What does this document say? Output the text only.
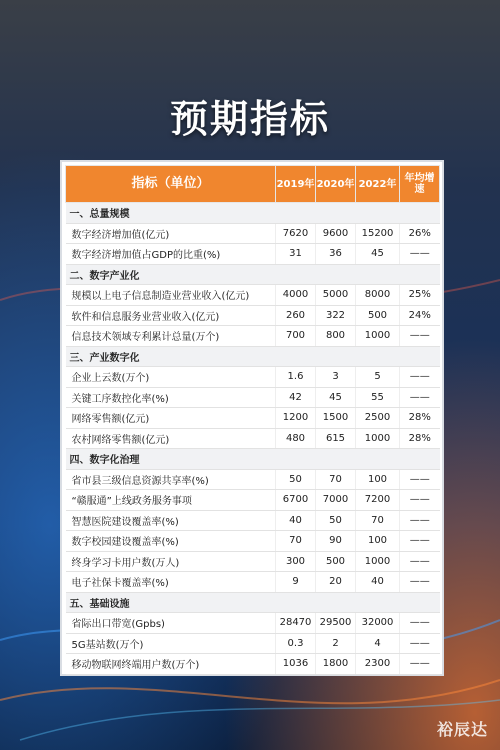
预期指标
指标（单位）	2019年	2020年	2022年	年均增速
一、总量规模				
数字经济增加值(亿元)	7620	9600	15200	26%
数字经济增加值占GDP的比重(%)	31	36	45	——
二、数字产业化				
规模以上电子信息制造业营业收入(亿元)	4000	5000	8000	25%
软件和信息服务业营业收入(亿元)	260	322	500	24%
信息技术领域专利累计总量(万个)	700	800	1000	——
三、产业数字化				
企业上云数(万个)	1.6	3	5	——
关键工序数控化率(%)	42	45	55	——
网络零售额(亿元)	1200	1500	2500	28%
农村网络零售额(亿元)	480	615	1000	28%
四、数字化治理				
省市县三级信息资源共享率(%)	50	70	100	——
“赣服通”上线政务服务事项	6700	7000	7200	——
智慧医院建设覆盖率(%)	40	50	70	——
数字校园建设覆盖率(%)	70	90	100	——
终身学习卡用户数(万人)	300	500	1000	——
电子社保卡覆盖率(%)	9	20	40	——
五、基础设施				
省际出口带宽(Gpbs)	28470	29500	32000	——
5G基站数(万个)	0.3	2	4	——
移动物联网终端用户数(万个)	1036	1800	2300	——
裕辰达
